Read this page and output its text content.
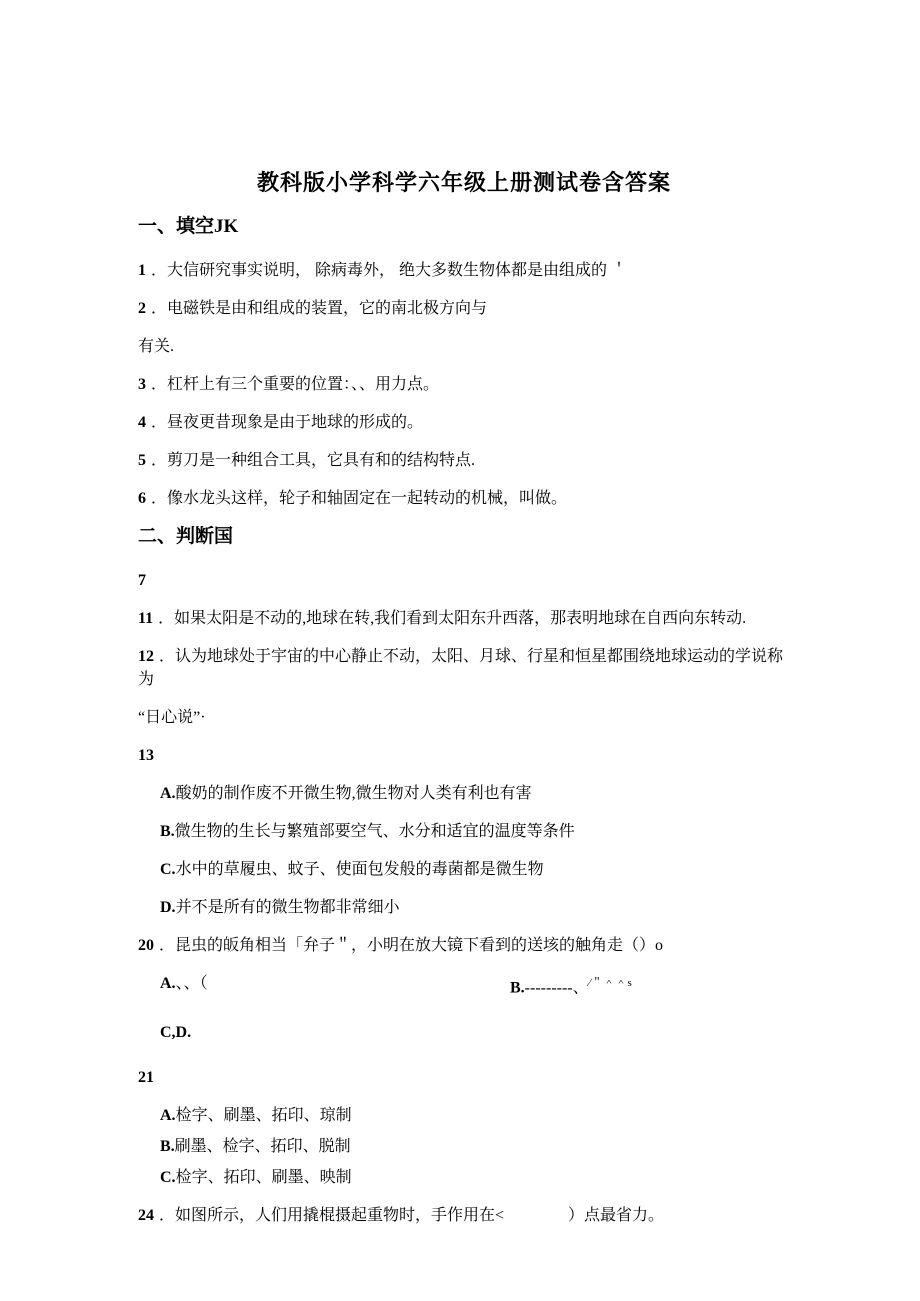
教科版小学科学六年级上册测试卷含答案
一、填空JK

1 ．大信研究事实说明， 除病毒外， 绝大多数生物体都是由组成的 ＇

2 ．电磁铁是由和组成的装置，它的南北极方向与

有关.

3 ．杠杆上有三个重要的位置：、、用力点。

4 ．昼夜更昔现象是由于地球的形成的。

5 ．剪刀是一种组合工具，它具有和的结构特点.

6 ．像水龙头这样，轮子和轴固定在一起转动的机械，叫做。

二、判断国

7

11 ．如果太阳是不动的,地球在转,我们看到太阳东升西落，那表明地球在自西向东转动.

12 ．认为地球处于宇宙的中心静止不动，太阳、月球、行星和恒星都围绕地球运动的学说称为

“日心说”·

13

A.酸奶的制作废不开微生物,微生物对人类有利也有害

B.微生物的生长与繁殖部要空气、水分和适宜的温度等条件

C.水中的草履虫、蚊子、使面包发般的毒菌都是微生物

D.并不是所有的微生物都非常细小

20 ．昆虫的皈角相当「弁子＂，小明在放大镜下看到的送垓的触角走（）o

A.、、（	B.---------、$^{∕"\^{}\^{}s}$

C,D.

21

A.检字、刷墨、拓印、琼制

B.刷墨、检字、拓印、脱制

C.检字、拓印、刷墨、映制

24 ．如图所示，人们用撬棍摄起重物时，手作用在<　　　　）点最省力。
